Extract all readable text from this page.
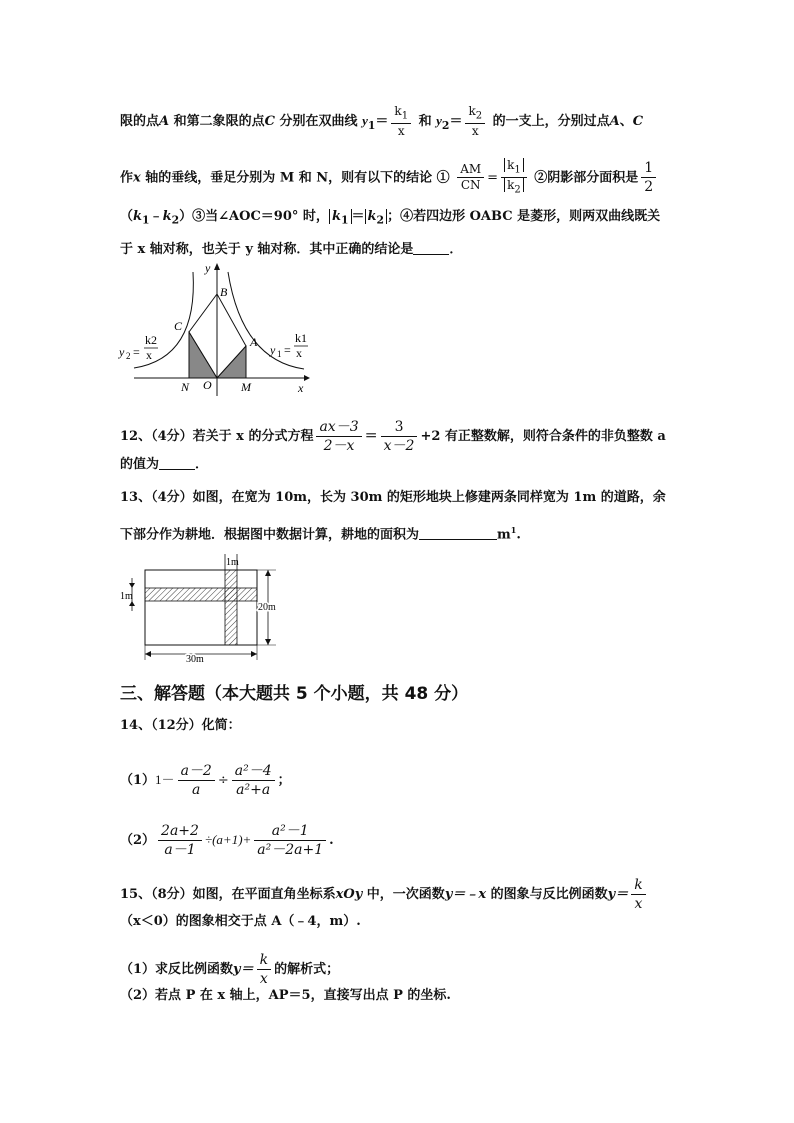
限的点A 和第二象限的点C 分别在双曲线 $y_1= \frac{k_1}{x}$ 和 $y_2= \frac{k_2}{x}$ 的一支上，分别过点A、C
作x 轴的垂线，垂足分别为 M 和 N，则有以下的结论 ① $\frac{AM}{CN} = \frac{k_1}{k_2}$ ②阴影部分面积是 $\frac{1}{2}$
$(k_1﹣k_2)③$当∠AOC＝90° 时， $k_1 = k_2$ ；④若四边形 OABC 是菱形，则两双曲线既关
于 x 轴对称，也关于 y 轴对称．其中正确的结论是	．
y
x
B
C
A
N O M
y 2 =
k2
x	y 1 =
k1
x
12、（4分）若关于 x 的分式方程 $\frac{ax-3}{2-x} = \frac{3}{x-2} +2$ 有正整数解，则符合条件的非负整数 a
的值为	．
13、（4分）如图，在宽为 10m，长为 30m 的矩形地块上修建两条同样宽为 1m 的道路，余
下部分作为耕地．根据图中数据计算，耕地的面积为	$m^1$.
1m
1m
20m
30m
三、解答题（本大题共 5 个小题，共 48 分）
14、（12分）化简：
$(1)1- \frac{a-2}{a} \div \frac{\text{a²－4}}{\text{a²+a}}$ ；
$(2) \frac{2a+2}{a-1} \div(a+1)+ \frac{\text{a²－1}}{\text{a²－2a+1}}$ .
15、（8分）如图，在平面直角坐标系xOy 中，一次函数y＝﹣x 的图象与反比例函数$y= \frac{k}{x}$
（x＜0）的图象相交于点 A（﹣4，m）.
（1）求反比例函数$y= \frac{k}{x}$ 的解析式；
（2）若点 P 在 x 轴上，AP＝5，直接写出点 P 的坐标.
